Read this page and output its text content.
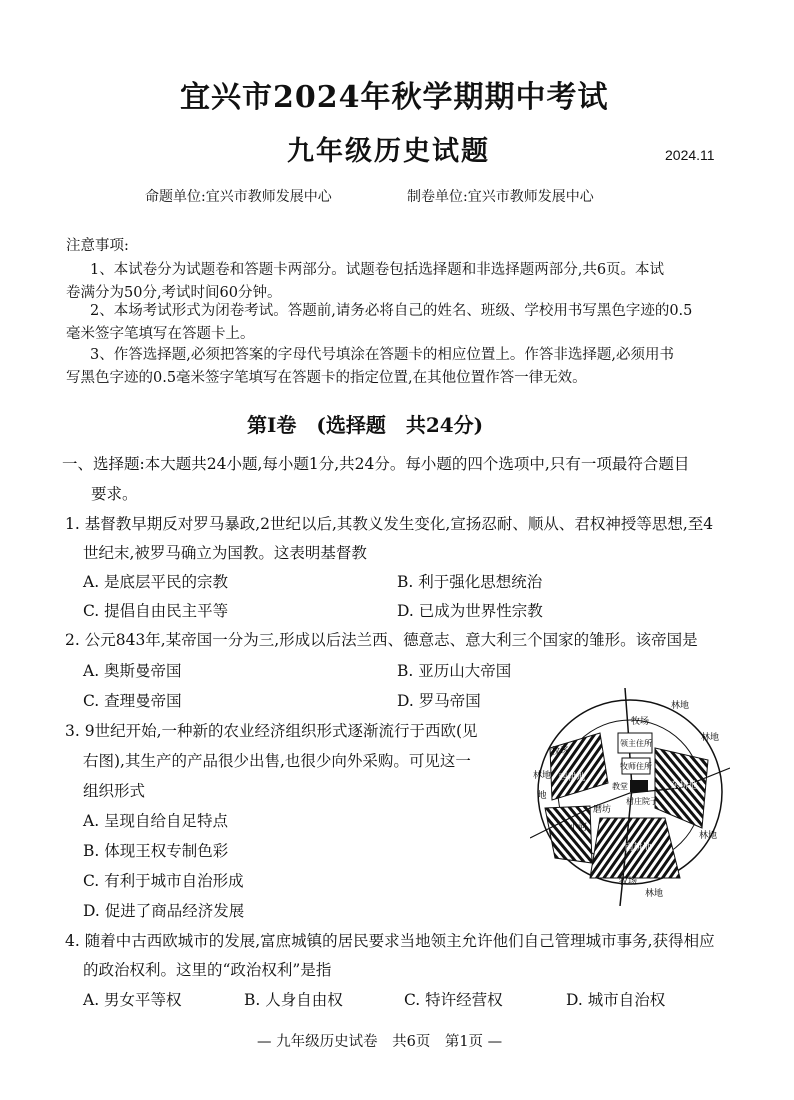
宜兴市2024年秋学期期中考试
九年级历史试题	2024.11
命题单位:宜兴市教师发展中心	制卷单位:宜兴市教师发展中心
注意事项:
1、本试卷分为试题卷和答题卡两部分。试题卷包括选择题和非选择题两部分,共6页。本试
卷满分为50分,考试时间60分钟。
2、本场考试形式为闭卷考试。答题前,请务必将自己的姓名、班级、学校用书写黑色字迹的0.5
毫米签字笔填写在答题卡上。
3、作答选择题,必须把答案的字母代号填涂在答题卡的相应位置上。作答非选择题,必须用书
写黑色字迹的0.5毫米签字笔填写在答题卡的指定位置,在其他位置作答一律无效。
第Ⅰ卷　(选择题　共24分)
一、选择题:本大题共24小题,每小题1分,共24分。每小题的四个选项中,只有一项最符合题目
要求。
1. 基督教早期反对罗马暴政,2世纪以后,其教义发生变化,宣扬忍耐、顺从、君权神授等思想,至4
世纪末,被罗马确立为国教。这表明基督教
A. 是底层平民的宗教	B. 利于强化思想统治
C. 提倡自由民主平等	D. 已成为世界性宗教
2. 公元843年,某帝国一分为三,形成以后法兰西、德意志、意大利三个国家的雏形。该帝国是
A. 奥斯曼帝国	B. 亚历山大帝国
C. 查理曼帝国	D. 罗马帝国
3. 9世纪开始,一种新的农业经济组织形式逐渐流行于西欧(见
右图),其生产的产品很少出售,也很少向外采购。可见这一
组织形式
A. 呈现自给自足特点
B. 体现王权专制色彩
C. 有利于城市自治形成
D. 促进了商品经济发展
林地
牧场
领主住所
牧师住所
教堂
林地
牧场
西耕地
林地
东耕地
磨坊
村庄院子
小河
南耕地
林地
牧场
林地
地
4. 随着中古西欧城市的发展,富庶城镇的居民要求当地领主允许他们自己管理城市事务,获得相应
的政治权利。这里的“政治权利”是指
A. 男女平等权	B. 人身自由权	C. 特许经营权	D. 城市自治权
— 九年级历史试卷　共6页　第1页 —
